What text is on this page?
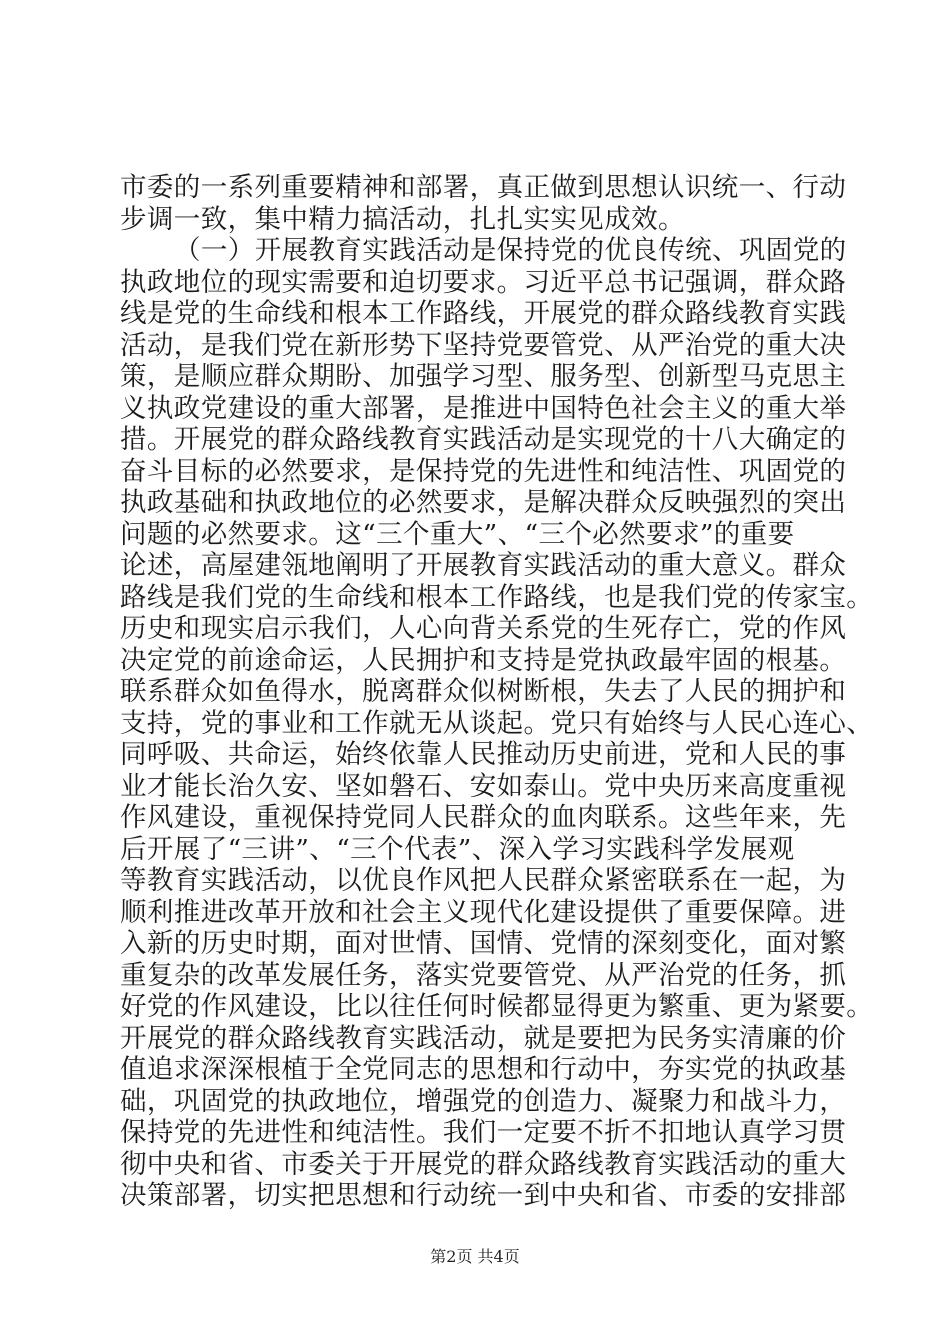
市委的一系列重要精神和部署，真正做到思想认识统一、行动
步调一致，集中精力搞活动，扎扎实实见成效。
（一）开展教育实践活动是保持党的优良传统、巩固党的
执政地位的现实需要和迫切要求。习近平总书记强调，群众路
线是党的生命线和根本工作路线，开展党的群众路线教育实践
活动，是我们党在新形势下坚持党要管党、从严治党的重大决
策，是顺应群众期盼、加强学习型、服务型、创新型马克思主
义执政党建设的重大部署，是推进中国特色社会主义的重大举
措。开展党的群众路线教育实践活动是实现党的十八大确定的
奋斗目标的必然要求，是保持党的先进性和纯洁性、巩固党的
执政基础和执政地位的必然要求，是解决群众反映强烈的突出
问题的必然要求。这“三个重大”、“三个必然要求”的重要
论述，高屋建瓴地阐明了开展教育实践活动的重大意义。群众
路线是我们党的生命线和根本工作路线，也是我们党的传家宝。
历史和现实启示我们，人心向背关系党的生死存亡，党的作风
决定党的前途命运，人民拥护和支持是党执政最牢固的根基。
联系群众如鱼得水，脱离群众似树断根，失去了人民的拥护和
支持，党的事业和工作就无从谈起。党只有始终与人民心连心、
同呼吸、共命运，始终依靠人民推动历史前进，党和人民的事
业才能长治久安、坚如磐石、安如泰山。党中央历来高度重视
作风建设，重视保持党同人民群众的血肉联系。这些年来，先
后开展了“三讲”、“三个代表”、深入学习实践科学发展观
等教育实践活动，以优良作风把人民群众紧密联系在一起，为
顺利推进改革开放和社会主义现代化建设提供了重要保障。进
入新的历史时期，面对世情、国情、党情的深刻变化，面对繁
重复杂的改革发展任务，落实党要管党、从严治党的任务，抓
好党的作风建设，比以往任何时候都显得更为繁重、更为紧要。
开展党的群众路线教育实践活动，就是要把为民务实清廉的价
值追求深深根植于全党同志的思想和行动中，夯实党的执政基
础，巩固党的执政地位，增强党的创造力、凝聚力和战斗力，
保持党的先进性和纯洁性。我们一定要不折不扣地认真学习贯
彻中央和省、市委关于开展党的群众路线教育实践活动的重大
决策部署，切实把思想和行动统一到中央和省、市委的安排部
第2页 共4页
